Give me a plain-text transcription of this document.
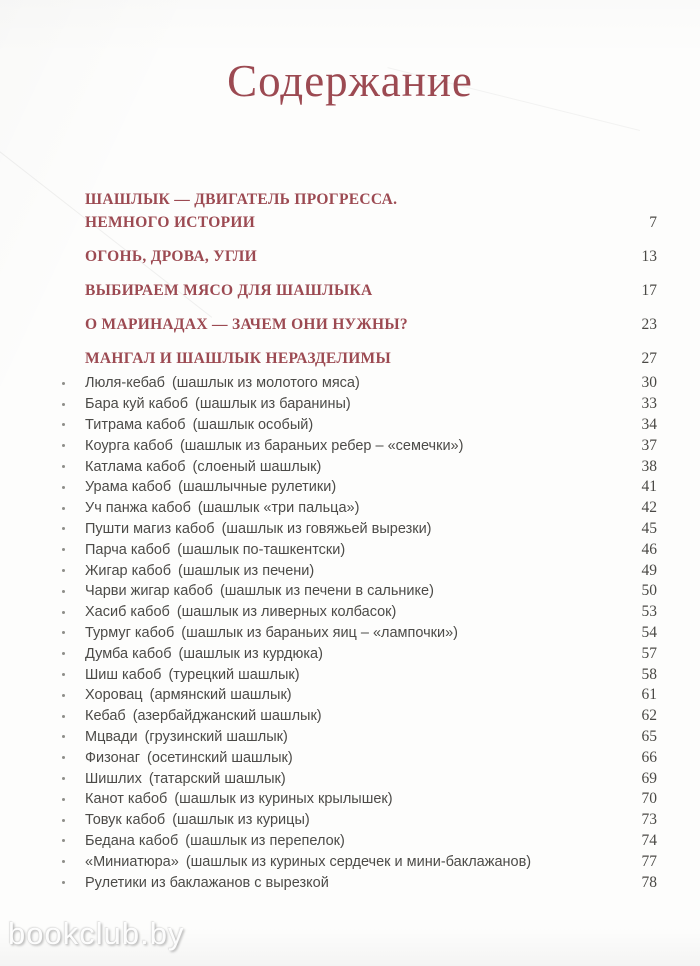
Содержание
ШАШЛЫК — ДВИГАТЕЛЬ ПРОГРЕССА.
НЕМНОГО ИСТОРИИ	7
ОГОНЬ, ДРОВА, УГЛИ	13
ВЫБИРАЕМ МЯСО ДЛЯ ШАШЛЫКА	17
О МАРИНАДАХ — ЗАЧЕМ ОНИ НУЖНЫ?	23
МАНГАЛ И ШАШЛЫК НЕРАЗДЕЛИМЫ	27
Люля-кебаб (шашлык из молотого мяса)	30
Бара куй кабоб (шашлык из баранины)	33
Титрама кабоб (шашлык особый)	34
Коурга кабоб (шашлык из бараньих ребер – «семечки»)	37
Катлама кабоб (слоеный шашлык)	38
Урама кабоб (шашлычные рулетики)	41
Уч панжа кабоб (шашлык «три пальца»)	42
Пушти магиз кабоб (шашлык из говяжьей вырезки)	45
Парча кабоб (шашлык по-ташкентски)	46
Жигар кабоб (шашлык из печени)	49
Чарви жигар кабоб (шашлык из печени в сальнике)	50
Хасиб кабоб (шашлык из ливерных колбасок)	53
Турмуг кабоб (шашлык из бараньих яиц – «лампочки»)	54
Думба кабоб (шашлык из курдюка)	57
Шиш кабоб (турецкий шашлык)	58
Хоровац (армянский шашлык)	61
Кебаб (азербайджанский шашлык)	62
Мцвади (грузинский шашлык)	65
Физонаг (осетинский шашлык)	66
Шишлих (татарский шашлык)	69
Канот кабоб (шашлык из куриных крылышек)	70
Товук кабоб (шашлык из курицы)	73
Бедана кабоб (шашлык из перепелок)	74
«Миниатюра» (шашлык из куриных сердечек и мини-баклажанов)	77
Рулетики из баклажанов с вырезкой	78
bookclub.by
